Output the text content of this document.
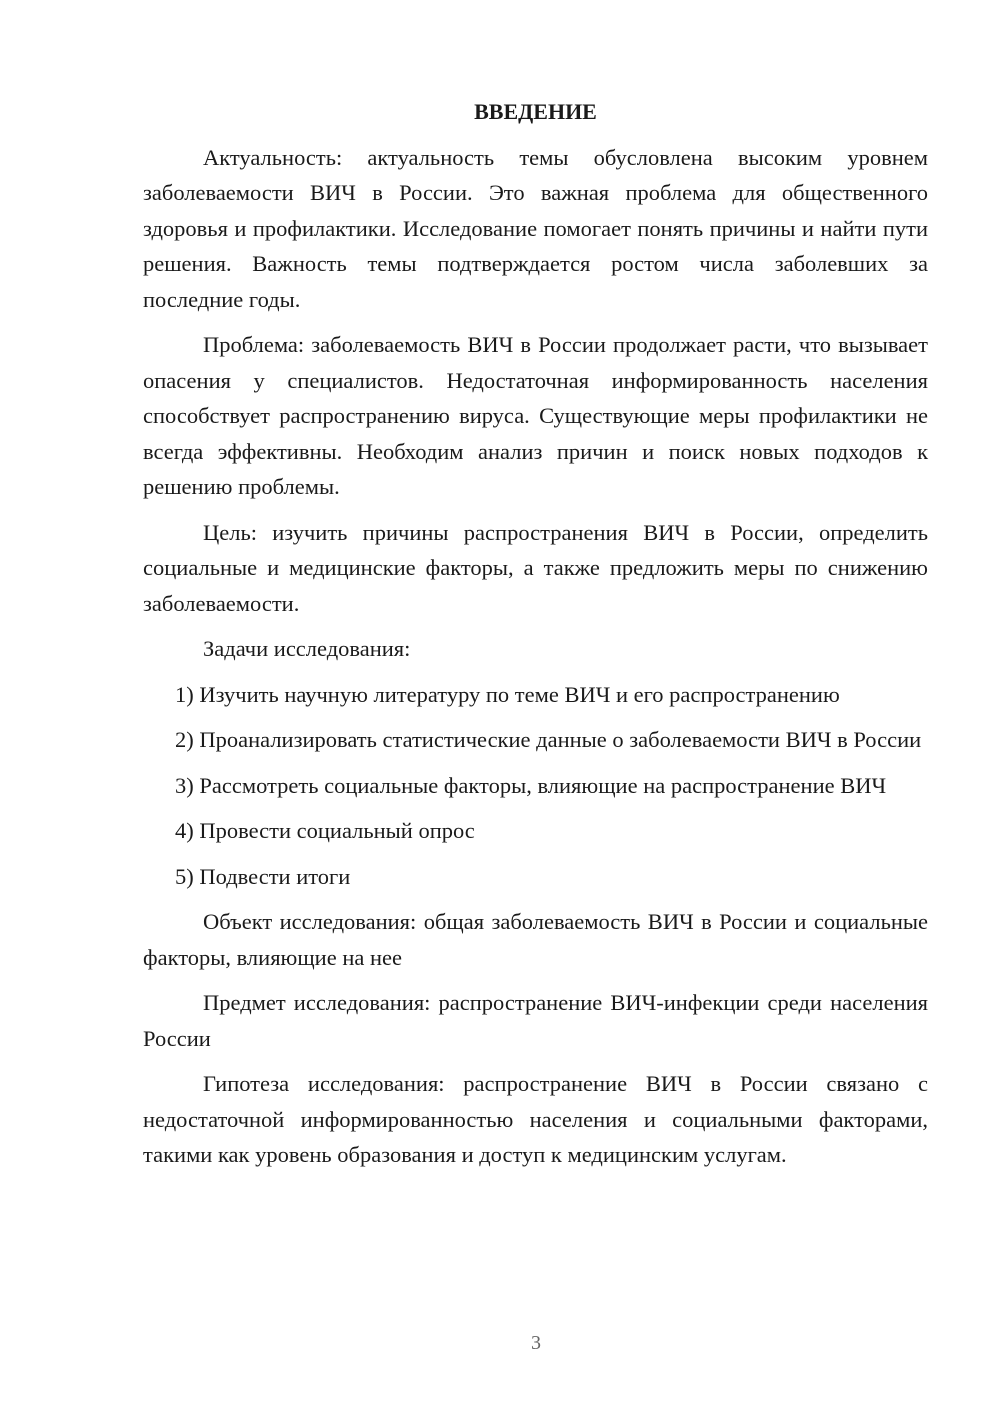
ВВЕДЕНИЕ

Актуальность: актуальность темы обусловлена высоким уровнем заболеваемости ВИЧ в России. Это важная проблема для общественного здоровья и профилактики. Исследование помогает понять причины и найти пути решения. Важность темы подтверждается ростом числа заболевших за последние годы.

Проблема: заболеваемость ВИЧ в России продолжает расти, что вызывает опасения у специалистов. Недостаточная информированность населения способствует распространению вируса. Существующие меры профилактики не всегда эффективны. Необходим анализ причин и поиск новых подходов к решению проблемы.

Цель: изучить причины распространения ВИЧ в России, определить социальные и медицинские факторы, а также предложить меры по снижению заболеваемости.

Задачи исследования:

1) Изучить научную литературу по теме ВИЧ и его распространению

2) Проанализировать статистические данные о заболеваемости ВИЧ в России

3) Рассмотреть социальные факторы, влияющие на распространение ВИЧ

4) Провести социальный опрос

5) Подвести итоги

Объект исследования: общая заболеваемость ВИЧ в России и социальные факторы, влияющие на нее

Предмет исследования: распространение ВИЧ-инфекции среди населения России

Гипотеза исследования: распространение ВИЧ в России связано с недостаточной информированностью населения и социальными факторами, такими как уровень образования и доступ к медицинским услугам.

3
